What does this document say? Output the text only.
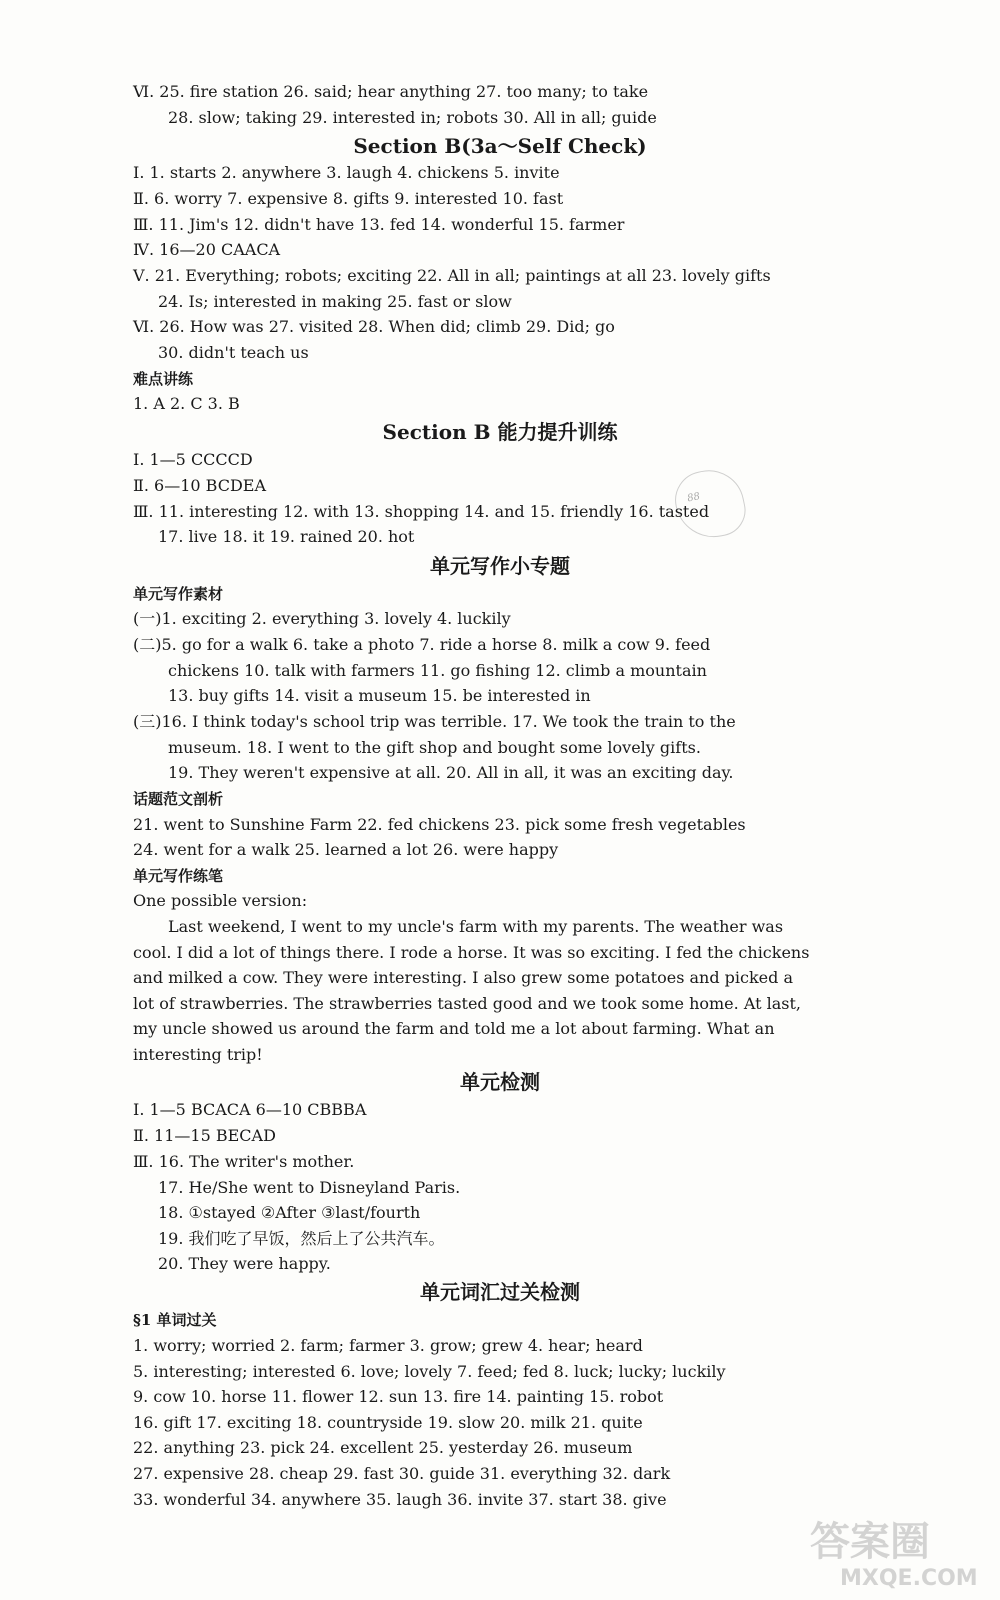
88
答案圈
MXQE.COM
Section B(3a～Self Check)
Section B 能力提升训练
单元写作小专题
单元检测
单元词汇过关检测
Ⅵ. 25. fire station 26. said; hear anything 27. too many; to take
28. slow; taking 29. interested in; robots 30. All in all; guide
Ⅰ. 1. starts 2. anywhere 3. laugh 4. chickens 5. invite
Ⅱ. 6. worry 7. expensive 8. gifts 9. interested 10. fast
Ⅲ. 11. Jim's 12. didn't have 13. fed 14. wonderful 15. farmer
Ⅳ. 16—20 CAACA
Ⅴ. 21. Everything; robots; exciting 22. All in all; paintings at all 23. lovely gifts
24. Is; interested in making 25. fast or slow
Ⅵ. 26. How was 27. visited 28. When did; climb 29. Did; go
30. didn't teach us
难点讲练
1. A 2. C 3. B
Ⅰ. 1—5 CCCCD
Ⅱ. 6—10 BCDEA
Ⅲ. 11. interesting 12. with 13. shopping 14. and 15. friendly 16. tasted
17. live 18. it 19. rained 20. hot
单元写作素材
(一)1. exciting 2. everything 3. lovely 4. luckily
(二)5. go for a walk 6. take a photo 7. ride a horse 8. milk a cow 9. feed
chickens 10. talk with farmers 11. go fishing 12. climb a mountain
13. buy gifts 14. visit a museum 15. be interested in
(三)16. I think today's school trip was terrible. 17. We took the train to the
museum. 18. I went to the gift shop and bought some lovely gifts.
19. They weren't expensive at all. 20. All in all, it was an exciting day.
话题范文剖析
21. went to Sunshine Farm 22. fed chickens 23. pick some fresh vegetables
24. went for a walk 25. learned a lot 26. were happy
单元写作练笔
One possible version:
Last weekend, I went to my uncle's farm with my parents. The weather was
cool. I did a lot of things there. I rode a horse. It was so exciting. I fed the chickens
and milked a cow. They were interesting. I also grew some potatoes and picked a
lot of strawberries. The strawberries tasted good and we took some home. At last,
my uncle showed us around the farm and told me a lot about farming. What an
interesting trip!
Ⅰ. 1—5 BCACA 6—10 CBBBA
Ⅱ. 11—15 BECAD
Ⅲ. 16. The writer's mother.
17. He/She went to Disneyland Paris.
18. ①stayed ②After ③last/fourth
19. 我们吃了早饭，然后上了公共汽车。
20. They were happy.
§1 单词过关
1. worry; worried 2. farm; farmer 3. grow; grew 4. hear; heard
5. interesting; interested 6. love; lovely 7. feed; fed 8. luck; lucky; luckily
9. cow 10. horse 11. flower 12. sun 13. fire 14. painting 15. robot
16. gift 17. exciting 18. countryside 19. slow 20. milk 21. quite
22. anything 23. pick 24. excellent 25. yesterday 26. museum
27. expensive 28. cheap 29. fast 30. guide 31. everything 32. dark
33. wonderful 34. anywhere 35. laugh 36. invite 37. start 38. give
